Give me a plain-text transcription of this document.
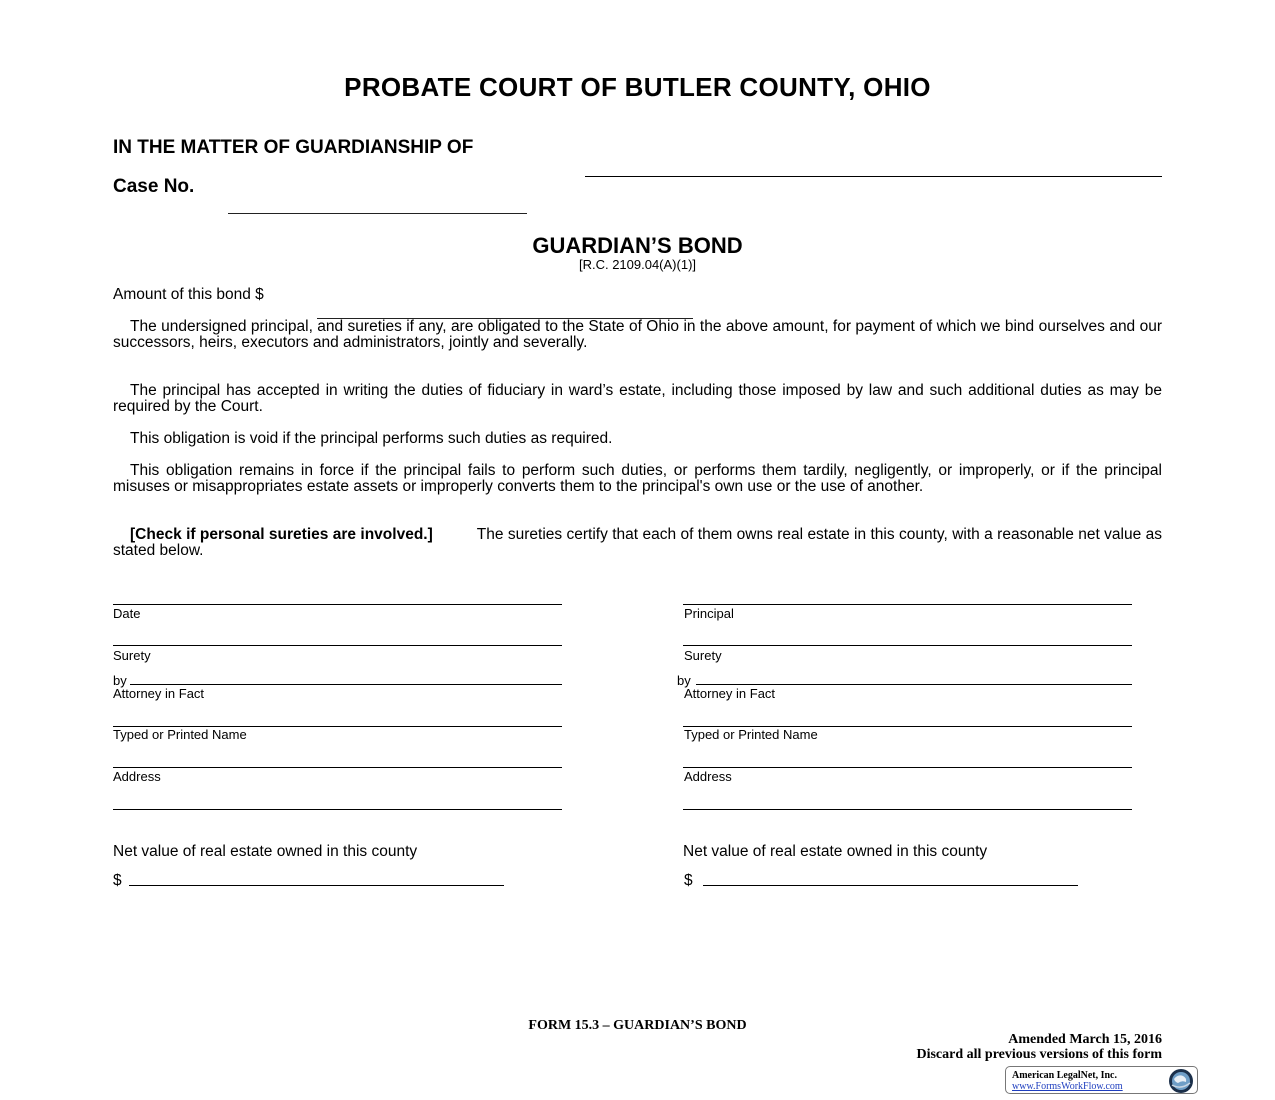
PROBATE COURT OF BUTLER COUNTY, OHIO
IN THE MATTER OF GUARDIANSHIP OF
Case No.
GUARDIAN’S BOND
[R.C. 2109.04(A)(1)]
Amount of this bond $

The undersigned principal, and sureties if any, are obligated to the State of Ohio in the above amount, for payment of which we bind ourselves and our successors, heirs, executors and administrators, jointly and severally.

The principal has accepted in writing the duties of fiduciary in ward’s estate, including those imposed by law and such additional duties as may be required by the Court.

This obligation is void if the principal performs such duties as required.

This obligation remains in force if the principal fails to perform such duties, or performs them tardily, negligently, or improperly, or if the principal misuses or misappropriates estate assets or improperly converts them to the principal's own use or the use of another.

[Check if personal sureties are involved.]	The sureties certify that each of them owns real estate in this county, with a reasonable net value as stated below.

Date
Surety
by
Attorney in Fact
Typed or Printed Name
Address
Net value of real estate owned in this county
$
Principal
Surety
by
Attorney in Fact
Typed or Printed Name
Address
Net value of real estate owned in this county
$
FORM 15.3 – GUARDIAN’S BOND
Amended March 15, 2016
Discard all previous versions of this form
American LegalNet, Inc.
www.FormsWorkFlow.com
